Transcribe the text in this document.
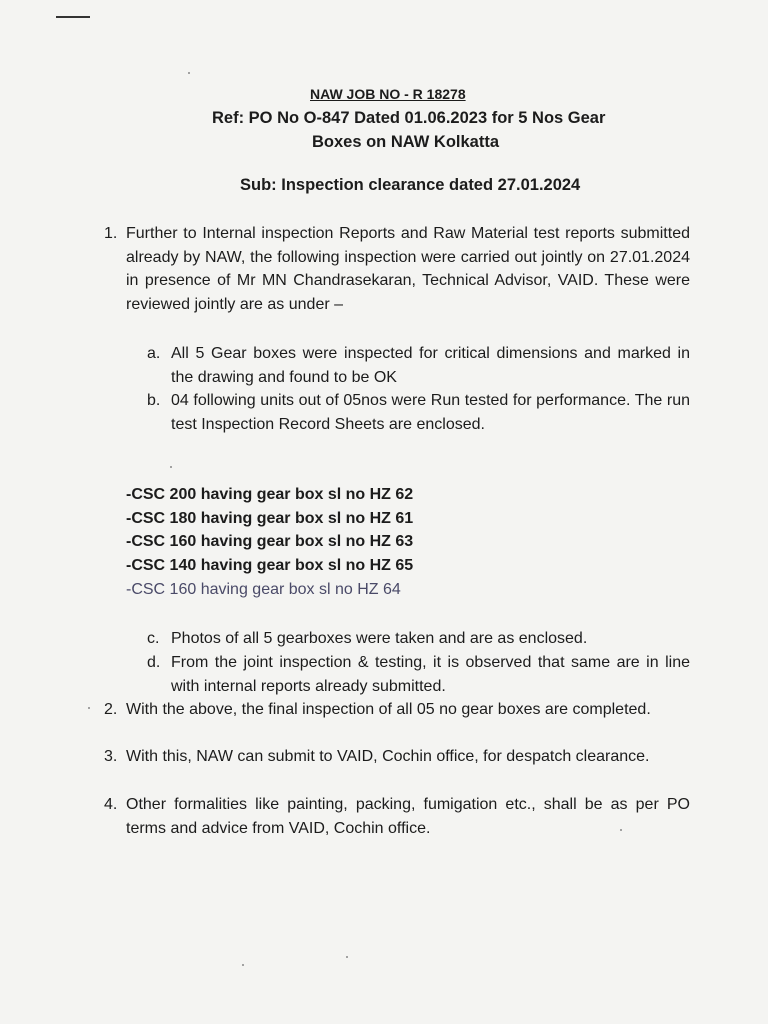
NAW JOB NO - R 18278
Ref: PO No O-847 Dated 01.06.2023 for 5 Nos Gear
Boxes on NAW Kolkatta
Sub: Inspection clearance dated 27.01.2024
1. Further to Internal inspection Reports and Raw Material test reports submitted already by NAW, the following inspection were carried out jointly on 27.01.2024 in presence of Mr MN Chandrasekaran, Technical Advisor, VAID. These were reviewed jointly are as under –
a. All 5 Gear boxes were inspected for critical dimensions and marked in the drawing and found to be OK
b. 04 following units out of 05nos were Run tested for performance. The run test Inspection Record Sheets are enclosed.
-CSC 200 having gear box sl no HZ 62
-CSC 180 having gear box sl no HZ 61
-CSC 160 having gear box sl no HZ 63
-CSC 140 having gear box sl no HZ 65
-CSC 160 having gear box sl no HZ 64
c. Photos of all 5 gearboxes were taken and are as enclosed.
d. From the joint inspection & testing, it is observed that same are in line with internal reports already submitted.
2. With the above, the final inspection of all 05 no gear boxes are completed.
3. With this, NAW can submit to VAID, Cochin office, for despatch clearance.
4. Other formalities like painting, packing, fumigation etc., shall be as per PO terms and advice from VAID, Cochin office.
